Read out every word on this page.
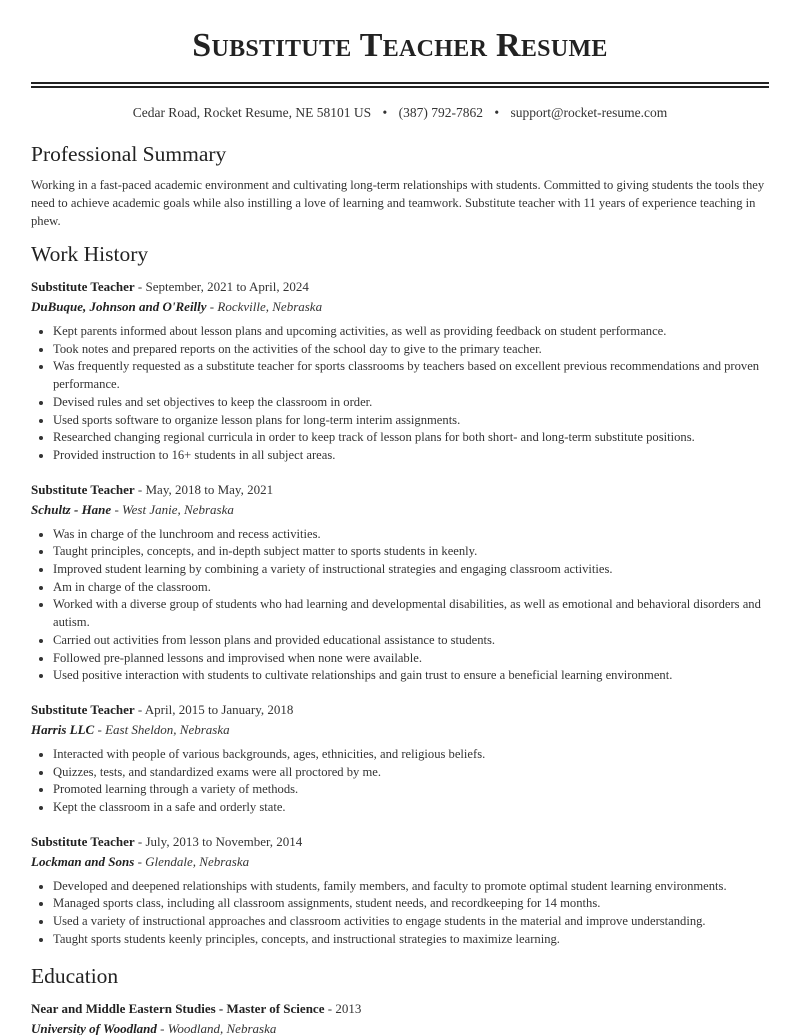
Substitute Teacher Resume
Cedar Road, Rocket Resume, NE 58101 US • (387) 792-7862 • support@rocket-resume.com
Professional Summary

Working in a fast-paced academic environment and cultivating long-term relationships with students. Committed to giving students the tools they need to achieve academic goals while also instilling a love of learning and teamwork. Substitute teacher with 11 years of experience teaching in phew.

Work History
Substitute Teacher - September, 2021 to April, 2024
DuBuque, Johnson and O'Reilly - Rockville, Nebraska
• Kept parents informed about lesson plans and upcoming activities, as well as providing feedback on student performance.
• Took notes and prepared reports on the activities of the school day to give to the primary teacher.
• Was frequently requested as a substitute teacher for sports classrooms by teachers based on excellent previous recommendations and proven performance.
• Devised rules and set objectives to keep the classroom in order.
• Used sports software to organize lesson plans for long-term interim assignments.
• Researched changing regional curricula in order to keep track of lesson plans for both short- and long-term substitute positions.
• Provided instruction to 16+ students in all subject areas.
Substitute Teacher - May, 2018 to May, 2021
Schultz - Hane - West Janie, Nebraska
• Was in charge of the lunchroom and recess activities.
• Taught principles, concepts, and in-depth subject matter to sports students in keenly.
• Improved student learning by combining a variety of instructional strategies and engaging classroom activities.
• Am in charge of the classroom.
• Worked with a diverse group of students who had learning and developmental disabilities, as well as emotional and behavioral disorders and autism.
• Carried out activities from lesson plans and provided educational assistance to students.
• Followed pre-planned lessons and improvised when none were available.
• Used positive interaction with students to cultivate relationships and gain trust to ensure a beneficial learning environment.
Substitute Teacher - April, 2015 to January, 2018
Harris LLC - East Sheldon, Nebraska
• Interacted with people of various backgrounds, ages, ethnicities, and religious beliefs.
• Quizzes, tests, and standardized exams were all proctored by me.
• Promoted learning through a variety of methods.
• Kept the classroom in a safe and orderly state.
Substitute Teacher - July, 2013 to November, 2014
Lockman and Sons - Glendale, Nebraska
• Developed and deepened relationships with students, family members, and faculty to promote optimal student learning environments.
• Managed sports class, including all classroom assignments, student needs, and recordkeeping for 14 months.
• Used a variety of instructional approaches and classroom activities to engage students in the material and improve understanding.
• Taught sports students keenly principles, concepts, and instructional strategies to maximize learning.
Education
Near and Middle Eastern Studies - Master of Science - 2013
University of Woodland - Woodland, Nebraska
